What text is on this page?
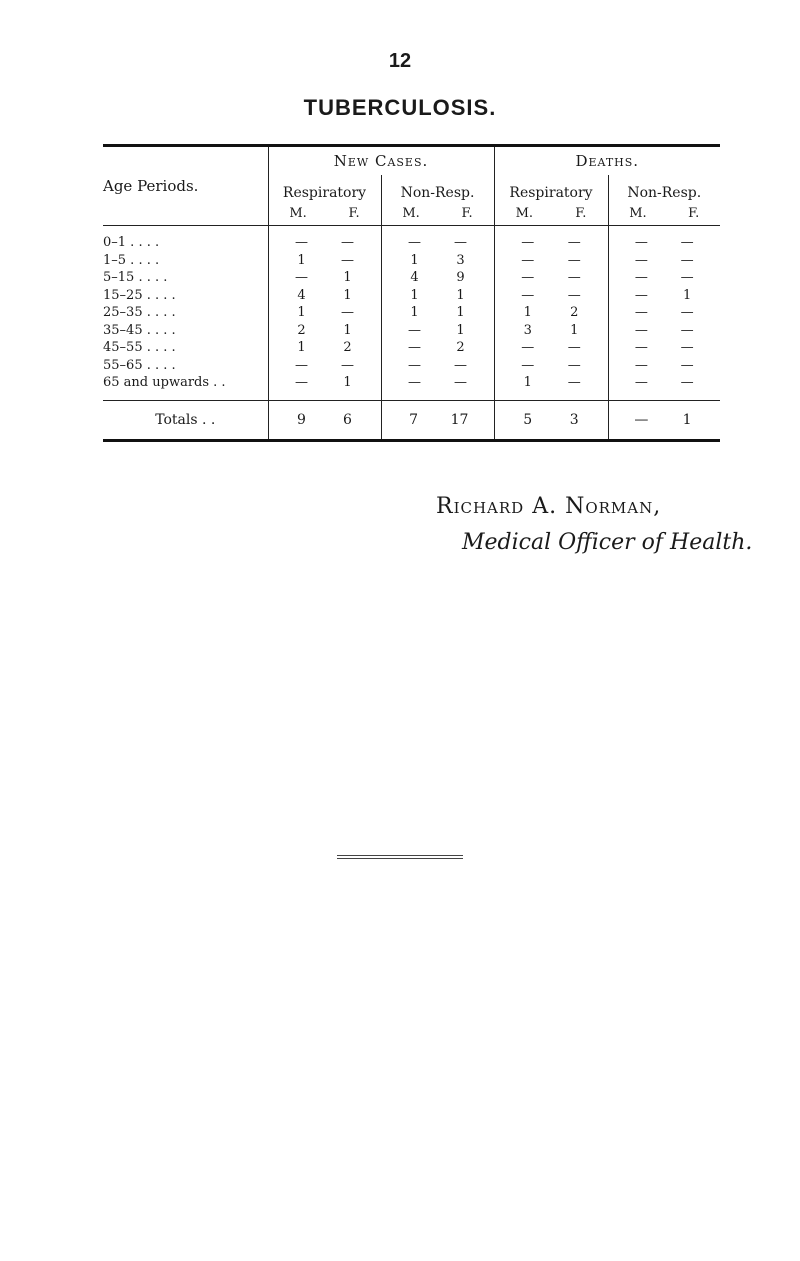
12
TUBERCULOSIS.
Age Periods.	New Cases.		Deaths.	
	Respiratory	Non-Resp.	Respiratory	Non-Resp.

	M. F.	M. F.	M. F.	M. F.

0–1 . . . .	— —	— —	— —	— —

1–5 . . . .	1 —	1 3	— —	— —

5–15 . . . .	— 1	4 9	— —	— —

15–25 . . . .	4 1	1 1	— —	— 1

25–35 . . . .	1 —	1 1	1 2	— —

35–45 . . . .	2 1	— 1	3 1	— —

45–55 . . . .	1 2	— 2	— —	— —

55–65 . . . .	— —	— —	— —	— —

65 and upwards . .	— 1	— —	1 —	— —

Totals . .	9 6	7 17	5 3	— 1
Richard A. Norman,
Medical Officer of Health.
